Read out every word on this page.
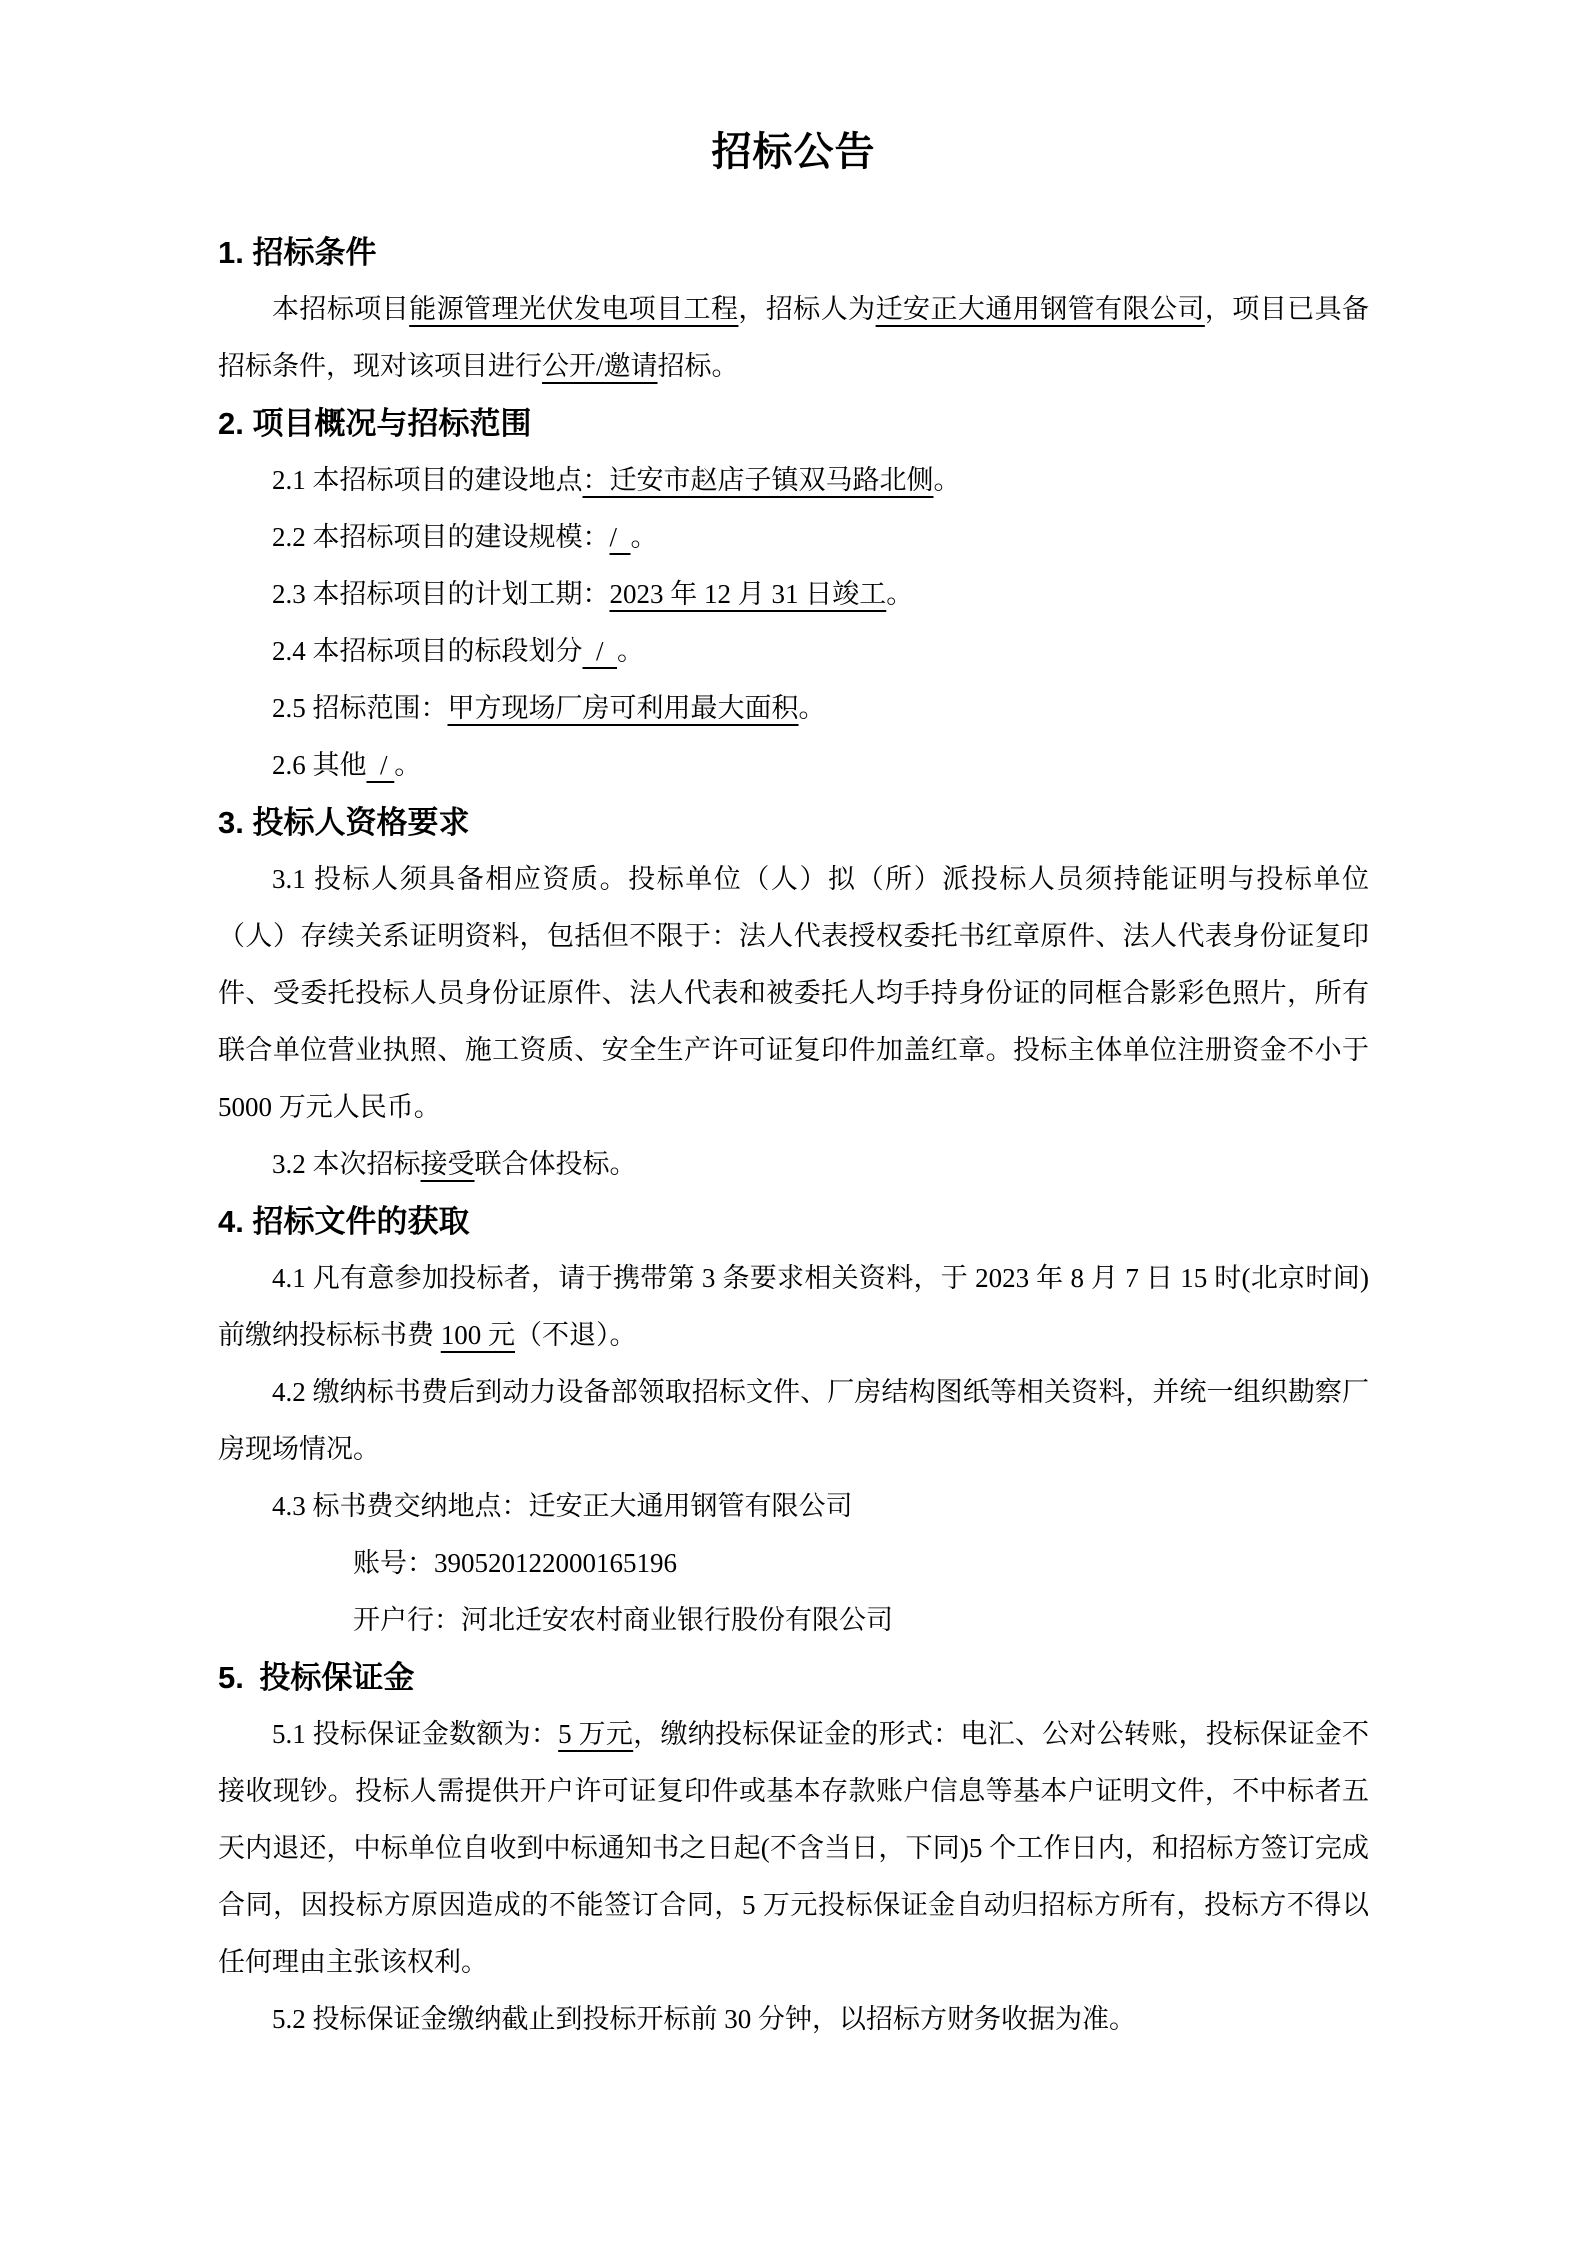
招标公告
1. 招标条件

本招标项目能源管理光伏发电项目工程，招标人为迁安正大通用钢管有限公司，项目已具备招标条件，现对该项目进行公开/邀请招标。

2. 项目概况与招标范围

2.1 本招标项目的建设地点：迁安市赵店子镇双马路北侧。

2.2 本招标项目的建设规模：/  。

2.3 本招标项目的计划工期：2023 年 12 月 31 日竣工。

2.4 本招标项目的标段划分  /  。

2.5 招标范围：甲方现场厂房可利用最大面积。

2.6 其他  / 。

3. 投标人资格要求

3.1 投标人须具备相应资质。投标单位（人）拟（所）派投标人员须持能证明与投标单位（人）存续关系证明资料，包括但不限于：法人代表授权委托书红章原件、法人代表身份证复印件、受委托投标人员身份证原件、法人代表和被委托人均手持身份证的同框合影彩色照片，所有联合单位营业执照、施工资质、安全生产许可证复印件加盖红章。投标主体单位注册资金不小于 5000 万元人民币。

3.2 本次招标接受联合体投标。

4. 招标文件的获取

4.1 凡有意参加投标者，请于携带第 3 条要求相关资料，于 2023 年 8 月 7 日 15 时(北京时间)前缴纳投标标书费 100 元（不退）。

4.2 缴纳标书费后到动力设备部领取招标文件、厂房结构图纸等相关资料，并统一组织勘察厂房现场情况。

4.3 标书费交纳地点：迁安正大通用钢管有限公司

账号：390520122000165196

开户行：河北迁安农村商业银行股份有限公司

5. 投标保证金

5.1 投标保证金数额为：5 万元，缴纳投标保证金的形式：电汇、公对公转账，投标保证金不接收现钞。投标人需提供开户许可证复印件或基本存款账户信息等基本户证明文件，不中标者五天内退还，中标单位自收到中标通知书之日起(不含当日，下同)5 个工作日内，和招标方签订完成合同，因投标方原因造成的不能签订合同，5 万元投标保证金自动归招标方所有，投标方不得以任何理由主张该权利。

5.2 投标保证金缴纳截止到投标开标前 30 分钟，以招标方财务收据为准。
